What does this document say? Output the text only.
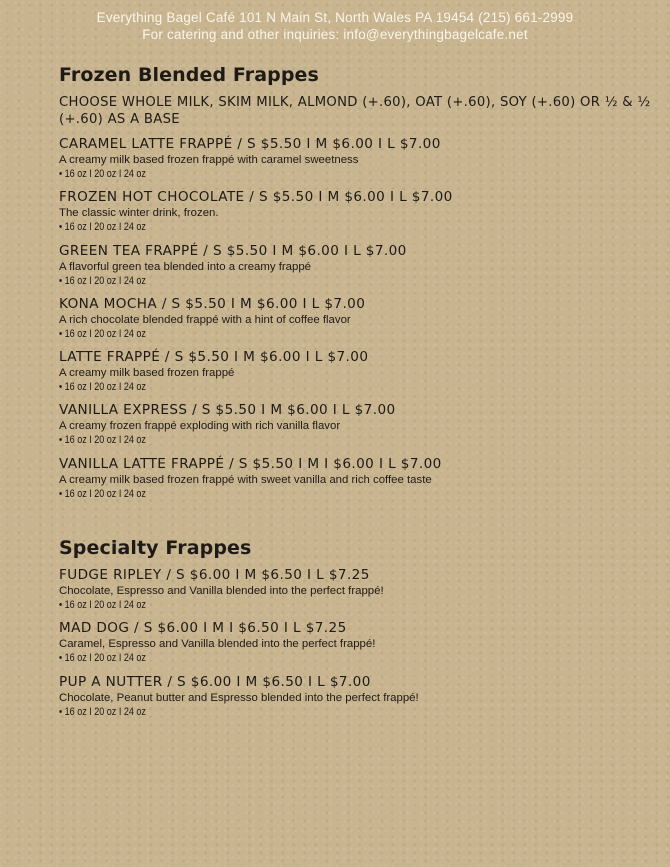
Everything Bagel Café 101 N Main St, North Wales PA 19454 (215) 661-2999
For catering and other inquiries: info@everythingbagelcafe.net
Frozen Blended Frappes
CHOOSE WHOLE MILK, SKIM MILK, ALMOND (+.60), OAT (+.60), SOY (+.60) OR ½ & ½ (+.60) AS A BASE
CARAMEL LATTE FRAPPÉ / S $5.50 I M $6.00 I L $7.00
A creamy milk based frozen frappé with caramel sweetness
• 16 oz I 20 oz I 24 oz
FROZEN HOT CHOCOLATE / S $5.50 I M $6.00 I L $7.00
The classic winter drink, frozen.
• 16 oz I 20 oz I 24 oz
GREEN TEA FRAPPÉ / S $5.50 I M $6.00 I L $7.00
A flavorful green tea blended into a creamy frappé
• 16 oz I 20 oz I 24 oz
KONA MOCHA / S $5.50 I M $6.00 I L $7.00
A rich chocolate blended frappé with a hint of coffee flavor
• 16 oz I 20 oz I 24 oz
LATTE FRAPPÉ / S $5.50 I M $6.00 I L $7.00
A creamy milk based frozen frappé
• 16 oz I 20 oz I 24 oz
VANILLA EXPRESS / S $5.50 I M $6.00 I L $7.00
A creamy frozen frappé exploding with rich vanilla flavor
• 16 oz I 20 oz I 24 oz
VANILLA LATTE FRAPPÉ / S $5.50 I M I $6.00 I L $7.00
A creamy milk based frozen frappé with sweet vanilla and rich coffee taste
• 16 oz I 20 oz I 24 oz
Specialty Frappes
FUDGE RIPLEY / S $6.00 I M $6.50 I L $7.25
Chocolate, Espresso and Vanilla blended into the perfect frappé!
• 16 oz I 20 oz I 24 oz
MAD DOG / S $6.00 I M I $6.50 I L $7.25
Caramel, Espresso and Vanilla blended into the perfect frappé!
• 16 oz I 20 oz I 24 oz
PUP A NUTTER / S $6.00 I M $6.50 I L $7.00
Chocolate, Peanut butter and Espresso blended into the perfect frappé!
• 16 oz I 20 oz I 24 oz
